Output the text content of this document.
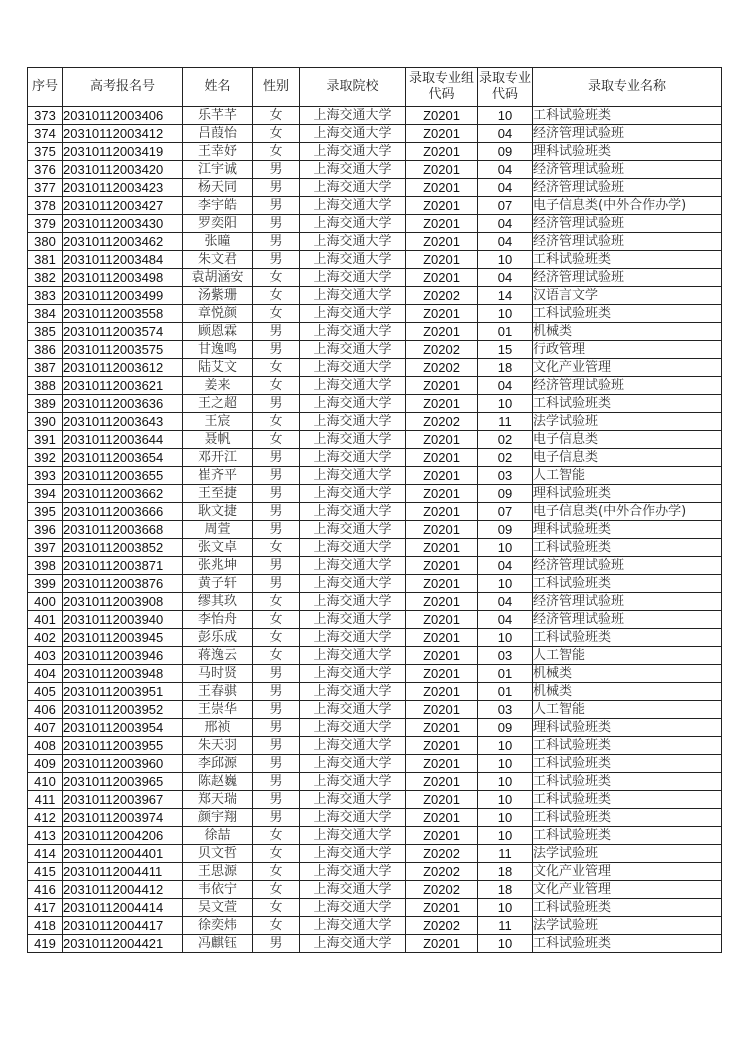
序号	高考报名号	姓名	性别	录取院校	录取专业组代码	录取专业代码	录取专业名称
373	20310112003406	乐芊芊	女	上海交通大学	Z0201	10	工科试验班类
374	20310112003412	吕葭怡	女	上海交通大学	Z0201	04	经济管理试验班
375	20310112003419	王幸妤	女	上海交通大学	Z0201	09	理科试验班类
376	20310112003420	江宇诚	男	上海交通大学	Z0201	04	经济管理试验班
377	20310112003423	杨天同	男	上海交通大学	Z0201	04	经济管理试验班
378	20310112003427	李宇皓	男	上海交通大学	Z0201	07	电子信息类(中外合作办学)
379	20310112003430	罗奕阳	男	上海交通大学	Z0201	04	经济管理试验班
380	20310112003462	张曈	男	上海交通大学	Z0201	04	经济管理试验班
381	20310112003484	朱文君	男	上海交通大学	Z0201	10	工科试验班类
382	20310112003498	袁胡涵安	女	上海交通大学	Z0201	04	经济管理试验班
383	20310112003499	汤紫珊	女	上海交通大学	Z0202	14	汉语言文学
384	20310112003558	章悦颜	女	上海交通大学	Z0201	10	工科试验班类
385	20310112003574	顾恩霖	男	上海交通大学	Z0201	01	机械类
386	20310112003575	甘逸鸣	男	上海交通大学	Z0202	15	行政管理
387	20310112003612	陆艾文	女	上海交通大学	Z0202	18	文化产业管理
388	20310112003621	姜来	女	上海交通大学	Z0201	04	经济管理试验班
389	20310112003636	王之超	男	上海交通大学	Z0201	10	工科试验班类
390	20310112003643	王宸	女	上海交通大学	Z0202	11	法学试验班
391	20310112003644	聂帆	女	上海交通大学	Z0201	02	电子信息类
392	20310112003654	邓开江	男	上海交通大学	Z0201	02	电子信息类
393	20310112003655	崔齐平	男	上海交通大学	Z0201	03	人工智能
394	20310112003662	王至捷	男	上海交通大学	Z0201	09	理科试验班类
395	20310112003666	耿文捷	男	上海交通大学	Z0201	07	电子信息类(中外合作办学)
396	20310112003668	周萱	男	上海交通大学	Z0201	09	理科试验班类
397	20310112003852	张文卓	女	上海交通大学	Z0201	10	工科试验班类
398	20310112003871	张兆坤	男	上海交通大学	Z0201	04	经济管理试验班
399	20310112003876	黄子轩	男	上海交通大学	Z0201	10	工科试验班类
400	20310112003908	缪其玖	女	上海交通大学	Z0201	04	经济管理试验班
401	20310112003940	李怡舟	女	上海交通大学	Z0201	04	经济管理试验班
402	20310112003945	彭乐成	女	上海交通大学	Z0201	10	工科试验班类
403	20310112003946	蒋逸云	女	上海交通大学	Z0201	03	人工智能
404	20310112003948	马时贤	男	上海交通大学	Z0201	01	机械类
405	20310112003951	王春骐	男	上海交通大学	Z0201	01	机械类
406	20310112003952	王崇华	男	上海交通大学	Z0201	03	人工智能
407	20310112003954	邢祯	男	上海交通大学	Z0201	09	理科试验班类
408	20310112003955	朱天羽	男	上海交通大学	Z0201	10	工科试验班类
409	20310112003960	李邱源	男	上海交通大学	Z0201	10	工科试验班类
410	20310112003965	陈赵巍	男	上海交通大学	Z0201	10	工科试验班类
411	20310112003967	郑天瑞	男	上海交通大学	Z0201	10	工科试验班类
412	20310112003974	颜宇翔	男	上海交通大学	Z0201	10	工科试验班类
413	20310112004206	徐喆	女	上海交通大学	Z0201	10	工科试验班类
414	20310112004401	贝文哲	女	上海交通大学	Z0202	11	法学试验班
415	20310112004411	王思源	女	上海交通大学	Z0202	18	文化产业管理
416	20310112004412	韦依宁	女	上海交通大学	Z0202	18	文化产业管理
417	20310112004414	吴文萱	女	上海交通大学	Z0201	10	工科试验班类
418	20310112004417	徐奕炜	女	上海交通大学	Z0202	11	法学试验班
419	20310112004421	冯麒钰	男	上海交通大学	Z0201	10	工科试验班类
